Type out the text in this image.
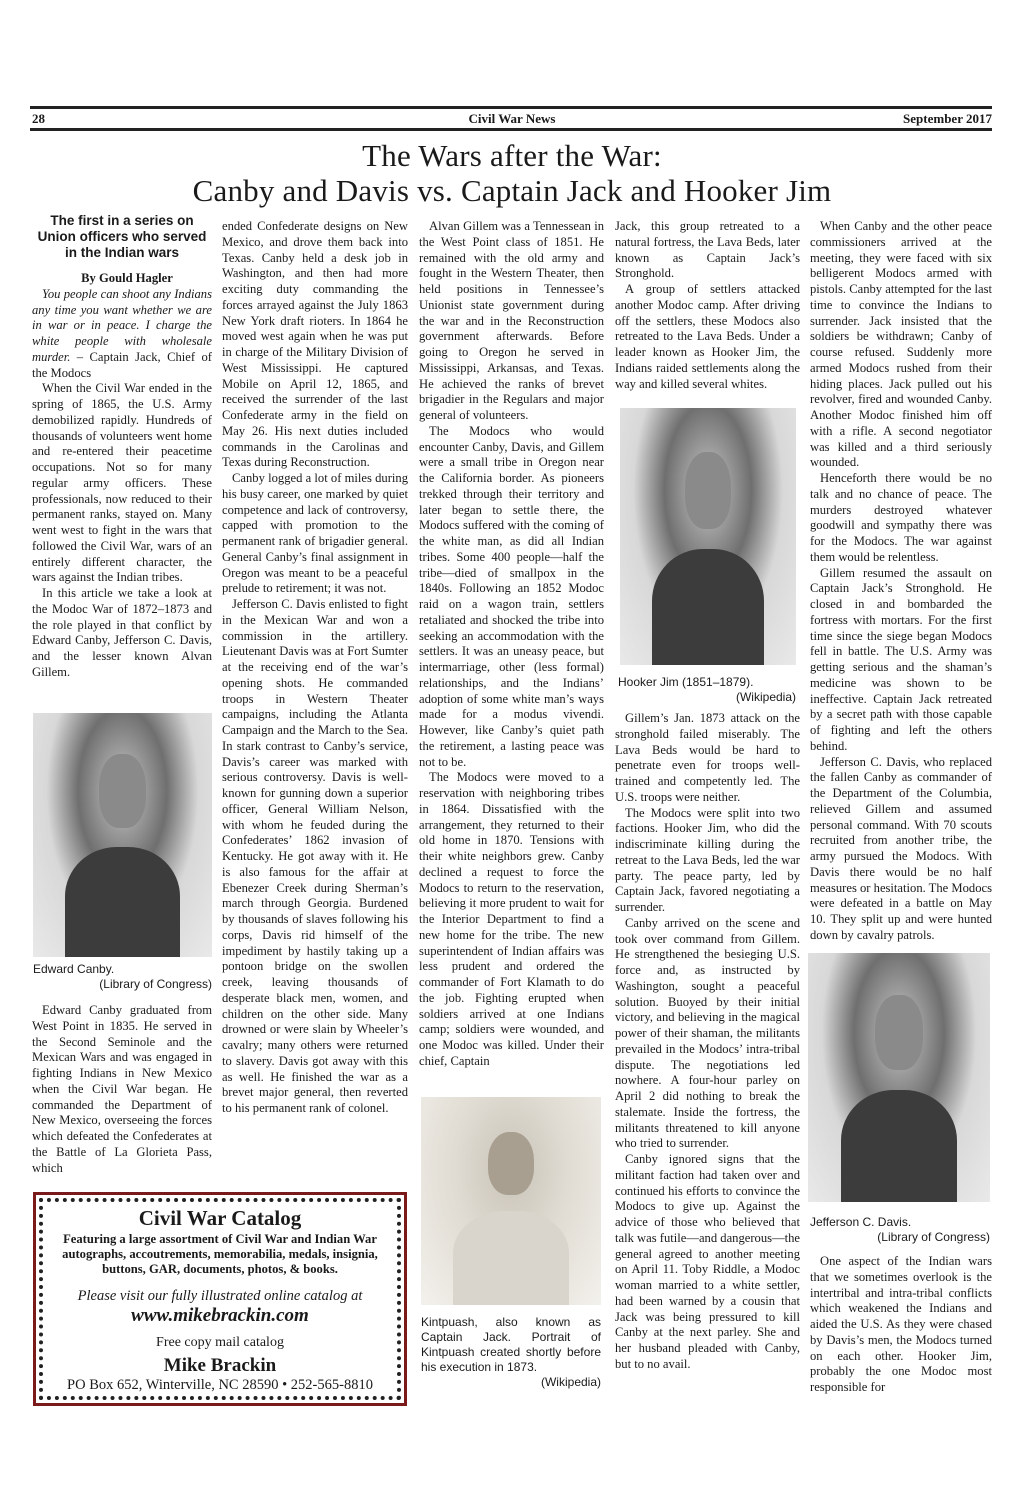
28	Civil War News	September 2017
The Wars after the War:
Canby and Davis vs. Captain Jack and Hooker Jim
The first in a series on Union officers who served in the Indian wars

By Gould Hagler

You people can shoot any Indians any time you want whether we are in war or in peace. I charge the white people with wholesale murder. – Captain Jack, Chief of the Modocs

When the Civil War ended in the spring of 1865, the U.S. Army demobilized rapidly. Hundreds of thousands of volunteers went home and re-entered their peacetime occupations. Not so for many regular army officers. These professionals, now reduced to their permanent ranks, stayed on. Many went west to fight in the wars that followed the Civil War, wars of an entirely different character, the wars against the Indian tribes.

In this article we take a look at the Modoc War of 1872–1873 and the role played in that conflict by Edward Canby, Jefferson C. Davis, and the lesser known Alvan Gillem.

Edward Canby.
(Library of Congress)

Edward Canby graduated from West Point in 1835. He served in the Second Seminole and the Mexican Wars and was engaged in fighting Indians in New Mexico when the Civil War began. He commanded the Department of New Mexico, overseeing the forces which defeated the Confederates at the Battle of La Glorieta Pass, which

Civil War Catalog
Featuring a large assortment of Civil War and Indian War autographs, accoutrements, memorabilia, medals, insignia, buttons, GAR, documents, photos, & books.
Please visit our fully illustrated online catalog at
www.mikebrackin.com
Free copy mail catalog
Mike Brackin
PO Box 652, Winterville, NC 28590 • 252-565-8810

ended Confederate designs on New Mexico, and drove them back into Texas. Canby held a desk job in Washington, and then had more exciting duty commanding the forces arrayed against the July 1863 New York draft rioters. In 1864 he moved west again when he was put in charge of the Military Division of West Mississippi. He captured Mobile on April 12, 1865, and received the surrender of the last Confederate army in the field on May 26. His next duties included commands in the Carolinas and Texas during Reconstruction.

Canby logged a lot of miles during his busy career, one marked by quiet competence and lack of controversy, capped with promotion to the permanent rank of brigadier general. General Canby’s final assignment in Oregon was meant to be a peaceful prelude to retirement; it was not.

Jefferson C. Davis enlisted to fight in the Mexican War and won a commission in the artillery. Lieutenant Davis was at Fort Sumter at the receiving end of the war’s opening shots. He commanded troops in Western Theater campaigns, including the Atlanta Campaign and the March to the Sea. In stark contrast to Canby’s service, Davis’s career was marked with serious controversy. Davis is well-known for gunning down a superior officer, General William Nelson, with whom he feuded during the Confederates’ 1862 invasion of Kentucky. He got away with it. He is also famous for the affair at Ebenezer Creek during Sherman’s march through Georgia. Burdened by thousands of slaves following his corps, Davis rid himself of the impediment by hastily taking up a pontoon bridge on the swollen creek, leaving thousands of desperate black men, women, and children on the other side. Many drowned or were slain by Wheeler’s cavalry; many others were returned to slavery. Davis got away with this as well. He finished the war as a brevet major general, then reverted to his permanent rank of colonel.

Alvan Gillem was a Tennessean in the West Point class of 1851. He remained with the old army and fought in the Western Theater, then held positions in Tennessee’s Unionist state government during the war and in the Reconstruction government afterwards. Before going to Oregon he served in Mississippi, Arkansas, and Texas. He achieved the ranks of brevet brigadier in the Regulars and major general of volunteers.

The Modocs who would encounter Canby, Davis, and Gillem were a small tribe in Oregon near the California border. As pioneers trekked through their territory and later began to settle there, the Modocs suffered with the coming of the white man, as did all Indian tribes. Some 400 people—half the tribe—died of smallpox in the 1840s. Following an 1852 Modoc raid on a wagon train, settlers retaliated and shocked the tribe into seeking an accommodation with the settlers. It was an uneasy peace, but intermarriage, other (less formal) relationships, and the Indians’ adoption of some white man’s ways made for a modus vivendi. However, like Canby’s quiet path the retirement, a lasting peace was not to be.

The Modocs were moved to a reservation with neighboring tribes in 1864. Dissatisfied with the arrangement, they returned to their old home in 1870. Tensions with their white neighbors grew. Canby declined a request to force the Modocs to return to the reservation, believing it more prudent to wait for the Interior Department to find a new home for the tribe. The new superintendent of Indian affairs was less prudent and ordered the commander of Fort Klamath to do the job. Fighting erupted when soldiers arrived at one Indians camp; soldiers were wounded, and one Modoc was killed. Under their chief, Captain

Kintpuash, also known as Captain Jack. Portrait of Kintpuash created shortly before his execution in 1873.
(Wikipedia)

Jack, this group retreated to a natural fortress, the Lava Beds, later known as Captain Jack’s Stronghold.

A group of settlers attacked another Modoc camp. After driving off the settlers, these Modocs also retreated to the Lava Beds. Under a leader known as Hooker Jim, the Indians raided settlements along the way and killed several whites.

Hooker Jim (1851–1879).
(Wikipedia)

Gillem’s Jan. 1873 attack on the stronghold failed miserably. The Lava Beds would be hard to penetrate even for troops well-trained and competently led. The U.S. troops were neither.

The Modocs were split into two factions. Hooker Jim, who did the indiscriminate killing during the retreat to the Lava Beds, led the war party. The peace party, led by Captain Jack, favored negotiating a surrender.

Canby arrived on the scene and took over command from Gillem. He strengthened the besieging U.S. force and, as instructed by Washington, sought a peaceful solution. Buoyed by their initial victory, and believing in the magical power of their shaman, the militants prevailed in the Modocs’ intra-tribal dispute. The negotiations led nowhere. A four-hour parley on April 2 did nothing to break the stalemate. Inside the fortress, the militants threatened to kill anyone who tried to surrender.

Canby ignored signs that the militant faction had taken over and continued his efforts to convince the Modocs to give up. Against the advice of those who believed that talk was futile—and dangerous—the general agreed to another meeting on April 11. Toby Riddle, a Modoc woman married to a white settler, had been warned by a cousin that Jack was being pressured to kill Canby at the next parley. She and her husband pleaded with Canby, but to no avail.

When Canby and the other peace commissioners arrived at the meeting, they were faced with six belligerent Modocs armed with pistols. Canby attempted for the last time to convince the Indians to surrender. Jack insisted that the soldiers be withdrawn; Canby of course refused. Suddenly more armed Modocs rushed from their hiding places. Jack pulled out his revolver, fired and wounded Canby. Another Modoc finished him off with a rifle. A second negotiator was killed and a third seriously wounded.

Henceforth there would be no talk and no chance of peace. The murders destroyed whatever goodwill and sympathy there was for the Modocs. The war against them would be relentless.

Gillem resumed the assault on Captain Jack’s Stronghold. He closed in and bombarded the fortress with mortars. For the first time since the siege began Modocs fell in battle. The U.S. Army was getting serious and the shaman’s medicine was shown to be ineffective. Captain Jack retreated by a secret path with those capable of fighting and left the others behind.

Jefferson C. Davis, who replaced the fallen Canby as commander of the Department of the Columbia, relieved Gillem and assumed personal command. With 70 scouts recruited from another tribe, the army pursued the Modocs. With Davis there would be no half measures or hesitation. The Modocs were defeated in a battle on May 10. They split up and were hunted down by cavalry patrols.

Jefferson C. Davis.
(Library of Congress)

One aspect of the Indian wars that we sometimes overlook is the intertribal and intra-tribal conflicts which weakened the Indians and aided the U.S. As they were chased by Davis’s men, the Modocs turned on each other. Hooker Jim, probably the one Modoc most responsible for
